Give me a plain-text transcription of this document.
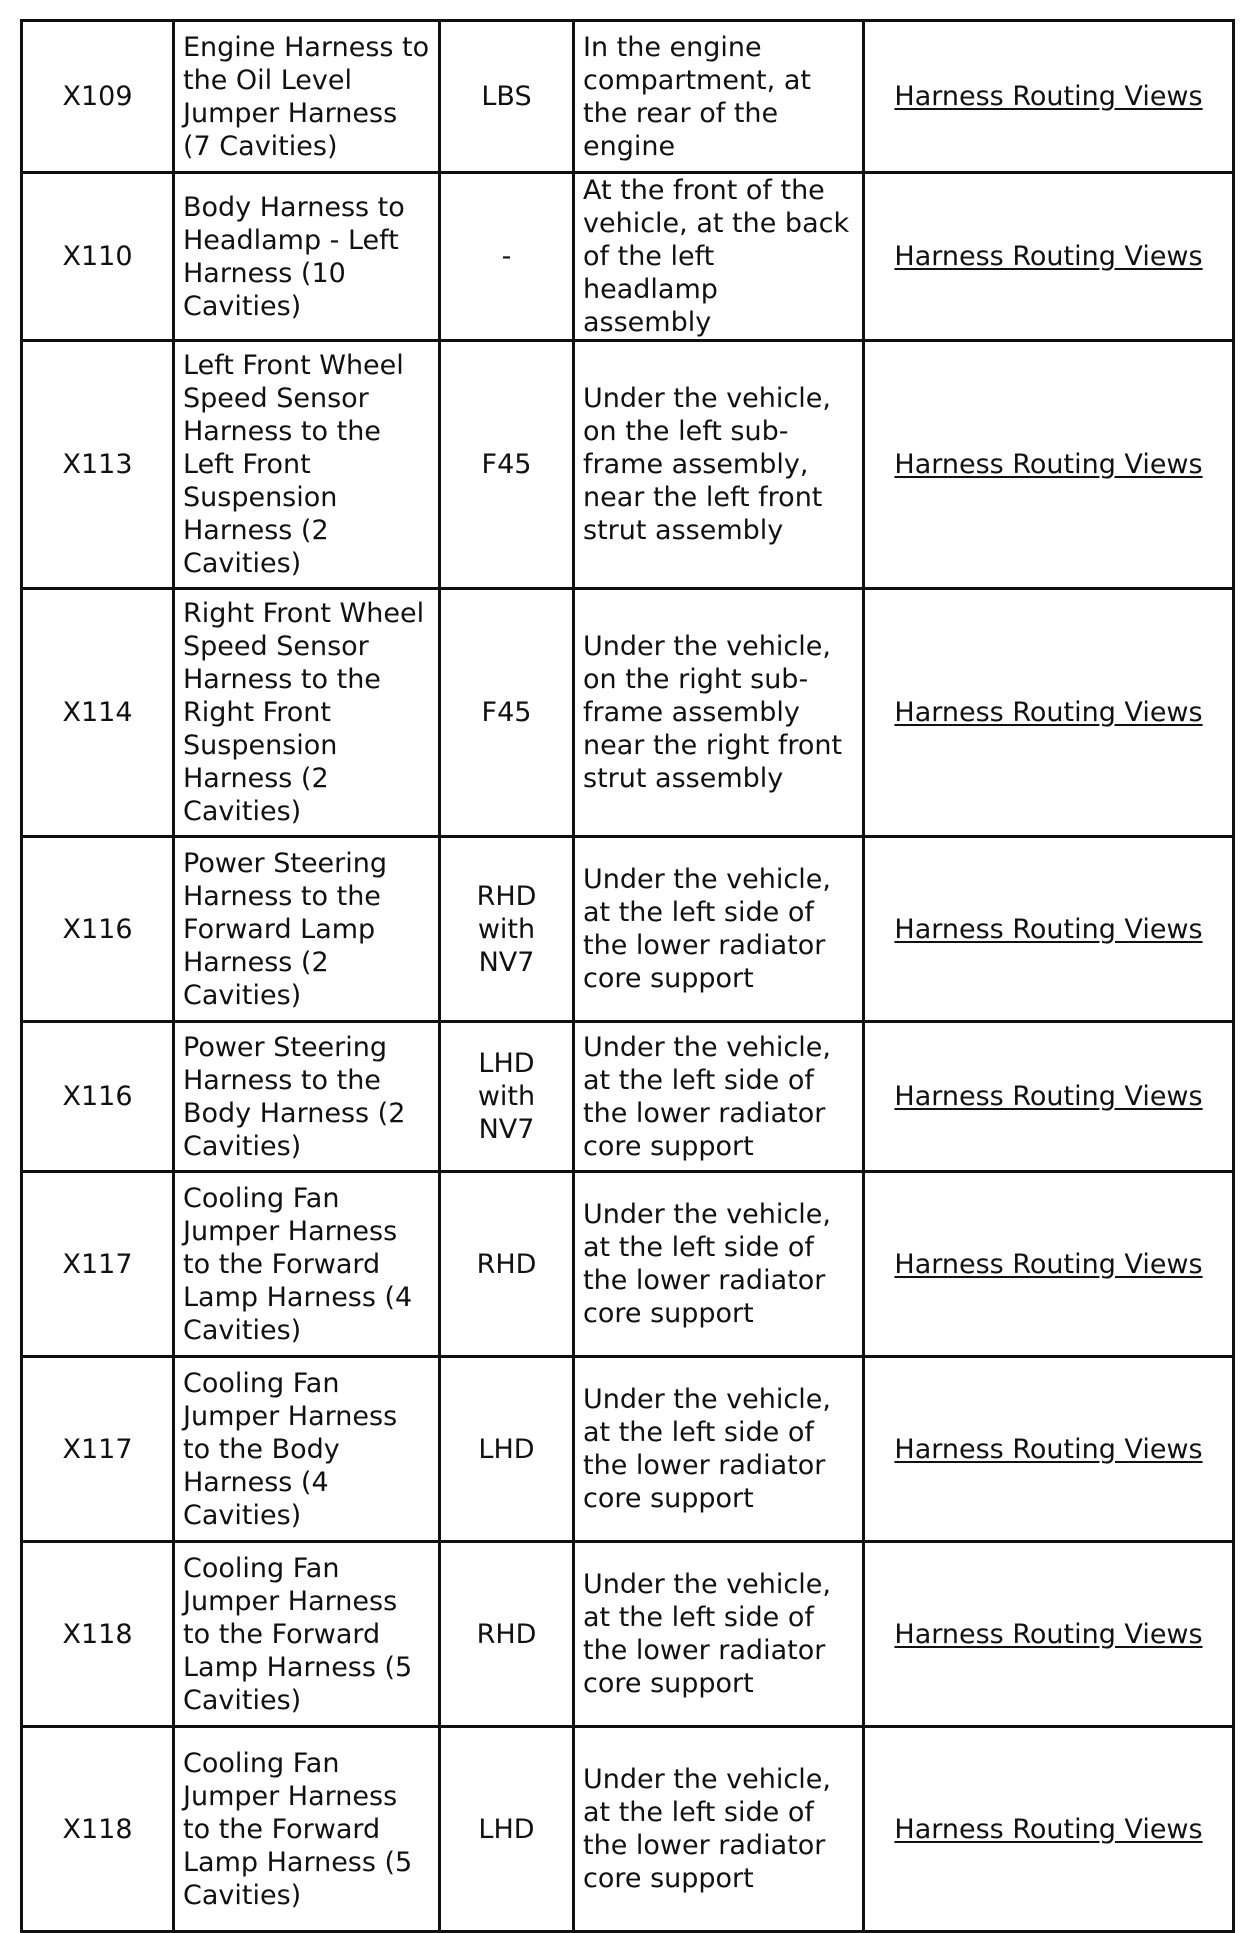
X109	Engine Harness to the Oil Level Jumper Harness (7 Cavities)	LBS	In the engine compartment, at the rear of the engine	Harness Routing Views
X110	Body Harness to Headlamp - Left Harness (10 Cavities)	-	At the front of the vehicle, at the back of the left headlamp assembly	Harness Routing Views
X113	Left Front Wheel Speed Sensor Harness to the Left Front Suspension Harness (2 Cavities)	F45	Under the vehicle, on the left sub-frame assembly, near the left front strut assembly	Harness Routing Views
X114	Right Front Wheel Speed Sensor Harness to the Right Front Suspension Harness (2 Cavities)	F45	Under the vehicle, on the right sub-frame assembly near the right front strut assembly	Harness Routing Views
X116	Power Steering Harness to the Forward Lamp Harness (2 Cavities)	RHD with NV7	Under the vehicle, at the left side of the lower radiator core support	Harness Routing Views
X116	Power Steering Harness to the Body Harness (2 Cavities)	LHD with NV7	Under the vehicle, at the left side of the lower radiator core support	Harness Routing Views
X117	Cooling Fan Jumper Harness to the Forward Lamp Harness (4 Cavities)	RHD	Under the vehicle, at the left side of the lower radiator core support	Harness Routing Views
X117	Cooling Fan Jumper Harness to the Body Harness (4 Cavities)	LHD	Under the vehicle, at the left side of the lower radiator core support	Harness Routing Views
X118	Cooling Fan Jumper Harness to the Forward Lamp Harness (5 Cavities)	RHD	Under the vehicle, at the left side of the lower radiator core support	Harness Routing Views
X118	Cooling Fan Jumper Harness to the Forward Lamp Harness (5 Cavities)	LHD	Under the vehicle, at the left side of the lower radiator core support	Harness Routing Views
